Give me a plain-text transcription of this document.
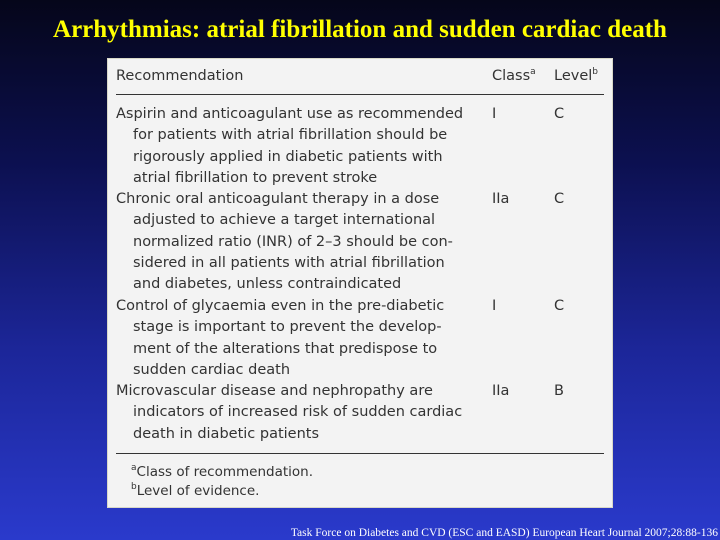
Arrhythmias: atrial fibrillation and sudden cardiac death
Recommendation	Class$^a$ Level$^b$
Aspirin and anticoagulant use as recommended
for patients with atrial fibrillation should be
rigorously applied in diabetic patients with
atrial fibrillation to prevent stroke
I	C
Chronic oral anticoagulant therapy in a dose
adjusted to achieve a target international
normalized ratio (INR) of 2–3 should be con-
sidered in all patients with atrial fibrillation
and diabetes, unless contraindicated
IIa	C
Control of glycaemia even in the pre-diabetic
stage is important to prevent the develop-
ment of the alterations that predispose to
sudden cardiac death
I	C
Microvascular disease and nephropathy are
indicators of increased risk of sudden cardiac
death in diabetic patients
IIa	B
$^a$Class of recommendation.
$^b$Level of evidence.
Task Force on Diabetes and CVD (ESC and EASD) European Heart Journal 2007;28:88-136
